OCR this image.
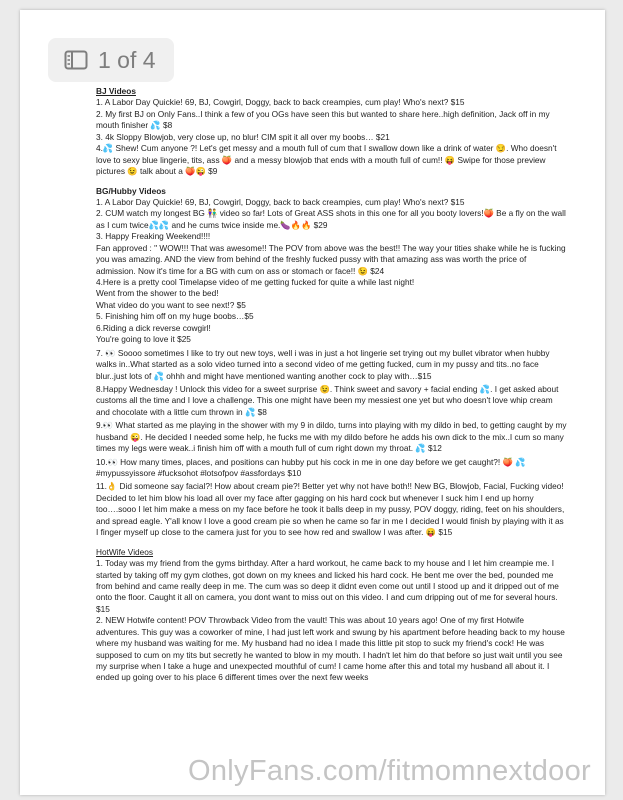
1 of 4
BJ Videos

1. A Labor Day Quickie! 69, BJ, Cowgirl, Doggy, back to back creampies, cum play! Who's next? $15

2. My first BJ on Only Fans..I think a few of you OGs have seen this but wanted to share here..high definition, Jack off in my mouth finisher 💦 $8

3. 4k Sloppy Blowjob, very close up, no blur! CIM spit it all over my boobs… $21

4.💦 Shew! Cum anyone ?! Let's get messy and a mouth full of cum that I swallow down like a drink of water 😏. Who doesn't love to sexy blue lingerie, tits, ass 🍑 and a messy blowjob that ends with a mouth full of cum!! 😝 Swipe for those preview pictures 😉 talk about a 🍑😜 $9

BG/Hubby Videos

1. A Labor Day Quickie! 69, BJ, Cowgirl, Doggy, back to back creampies, cum play! Who's next? $15

2. CUM watch my longest BG 👫 video so far! Lots of Great ASS shots in this one for all you booty lovers!🍑 Be a fly on the wall as I cum twice💦💦 and he cums twice inside me.🍆🔥🔥 $29

3. Happy Freaking Weekend!!!!

Fan approved : " WOW!!! That was awesome!! The POV from above was the best!! The way your tities shake while he is fucking you was amazing. AND the view from behind of the freshly fucked pussy with that amazing ass was worth the price of admission. Now it's time for a BG with cum on ass or stomach or face!! 😉 $24

4.Here is a pretty cool Timelapse video of me getting fucked for quite a while last night!

Went from the shower to the bed!

What video do you want to see next!? $5

5. Finishing him off on my huge boobs…$5

6.Riding a dick reverse cowgirl!

You're going to love it $25

7. 👀 Soooo sometimes I like to try out new toys, well i was in just a hot lingerie set trying out my bullet vibrator when hubby walks in..What started as a solo video turned into a second video of me getting fucked, cum in my pussy and tits..no face blur..just lots of 💦 ohhh and might have mentioned wanting another cock to play with…$15

8.Happy Wednesday ! Unlock this video for a sweet surprise 😉. Think sweet and savory + facial ending 💦. I get asked about customs all the time and I love a challenge. This one might have been my messiest one yet but who doesn't love whip cream and chocolate with a little cum thrown in 💦 $8

9.👀 What started as me playing in the shower with my 9 in dildo, turns into playing with my dildo in bed, to getting caught by my husband 😜. He decided I needed some help, he fucks me with my dildo before he adds his own dick to the mix..I cum so many times my legs were weak..i finish him off with a mouth full of cum right down my throat. 💦 $12

10.👀 How many times, places, and positions can hubby put his cock in me in one day before we get caught?! 🍑 💦 #mypussyissore #fucksohot #lotsofpov #assfordays $10

11.👌 Did someone say facial?! How about cream pie?! Better yet why not have both!! New BG, Blowjob, Facial, Fucking video! Decided to let him blow his load all over my face after gagging on his hard cock but whenever I suck him I end up horny too….sooo I let him make a mess on my face before he took it balls deep in my pussy, POV doggy, riding, feet on his shoulders, and spread eagle. Y'all know I love a good cream pie so when he came so far in me I decided I would finish by playing with it as I finger myself up close to the camera just for you to see how red and swallow I was after. 😝 $15

HotWife Videos

1. Today was my friend from the gyms birthday. After a hard workout, he came back to my house and I let him creampie me. I started by taking off my gym clothes, got down on my knees and licked his hard cock. He bent me over the bed, pounded me from behind and came really deep in me. The cum was so deep it didnt even come out until I stood up and it dripped out of me onto the floor. Caught it all on camera, you dont want to miss out on this video. I and cum dripping out of me for several hours. $15

2. NEW Hotwife content! POV Throwback Video from the vault! This was about 10 years ago! One of my first Hotwife adventures. This guy was a coworker of mine, I had just left work and swung by his apartment before heading back to my house where my husband was waiting for me. My husband had no idea I made this little pit stop to suck my friend's cock! He was supposed to cum on my tits but secretly he wanted to blow in my mouth. I hadn't let him do that before so just wait until you see my surprise when I take a huge and unexpected mouthful of cum! I came home after this and total my husband all about it. I ended up going over to his place 6 different times over the next few weeks

OnlyFans.com/fitmomnextdoor
